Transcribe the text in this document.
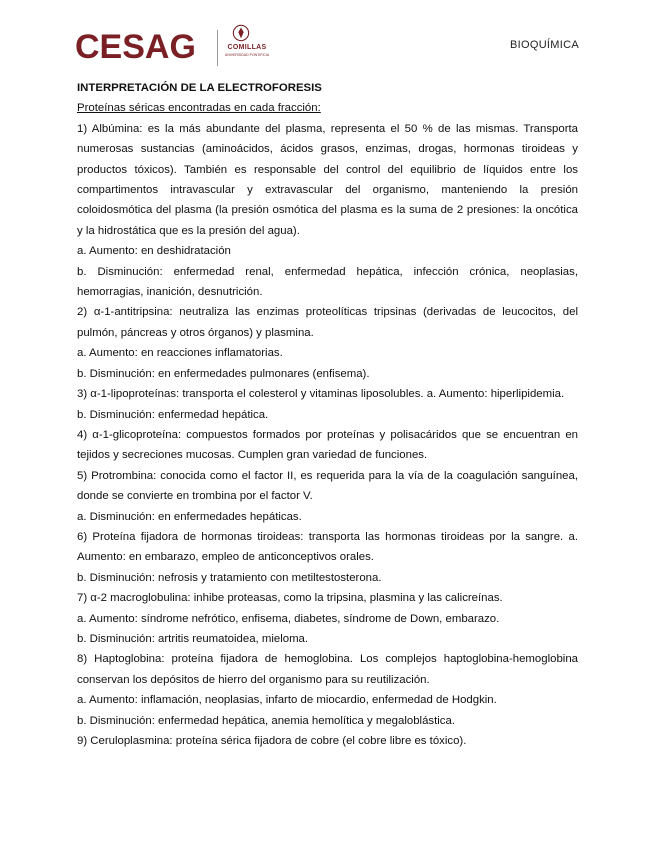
CESAG	COMILLAS
UNIVERSIDAD PONTIFICIA
BIOQUÍMICA

INTERPRETACIÓN DE LA ELECTROFORESIS

Proteínas séricas encontradas en cada fracción:

1) Albúmina: es la más abundante del plasma, representa el 50 % de las mismas. Transporta numerosas sustancias (aminoácidos, ácidos grasos, enzimas, drogas, hormonas tiroideas y productos tóxicos). También es responsable del control del equilibrio de líquidos entre los compartimentos intravascular y extravascular del organismo, manteniendo la presión coloidosmótica del plasma (la presión osmótica del plasma es la suma de 2 presiones: la oncótica y la hidrostática que es la presión del agua).

a. Aumento: en deshidratación

b. Disminución: enfermedad renal, enfermedad hepática, infección crónica, neoplasias, hemorragias, inanición, desnutrición.

2) α-1-antitripsina: neutraliza las enzimas proteolíticas tripsinas (derivadas de leucocitos, del pulmón, páncreas y otros órganos) y plasmina.

a. Aumento: en reacciones inflamatorias.

b. Disminución: en enfermedades pulmonares (enfisema).

3) α-1-lipoproteínas: transporta el colesterol y vitaminas liposolubles. a. Aumento: hiperlipidemia.

b. Disminución: enfermedad hepática.

4) α-1-glicoproteína: compuestos formados por proteínas y polisacáridos que se encuentran en tejidos y secreciones mucosas. Cumplen gran variedad de funciones.

5) Protrombina: conocida como el factor II, es requerida para la vía de la coagulación sanguínea, donde se convierte en trombina por el factor V.

a. Disminución: en enfermedades hepáticas.

6) Proteína fijadora de hormonas tiroideas: transporta las hormonas tiroideas por la sangre. a. Aumento: en embarazo, empleo de anticonceptivos orales.

b. Disminución: nefrosis y tratamiento con metiltestosterona.

7) α-2 macroglobulina: inhibe proteasas, como la tripsina, plasmina y las calicreínas.

a. Aumento: síndrome nefrótico, enfisema, diabetes, síndrome de Down, embarazo.

b. Disminución: artritis reumatoidea, mieloma.

8) Haptoglobina: proteína fijadora de hemoglobina. Los complejos haptoglobina-hemoglobina conservan los depósitos de hierro del organismo para su reutilización.

a. Aumento: inflamación, neoplasias, infarto de miocardio, enfermedad de Hodgkin.

b. Disminución: enfermedad hepática, anemia hemolítica y megaloblástica.

9) Ceruloplasmina: proteína sérica fijadora de cobre (el cobre libre es tóxico).
